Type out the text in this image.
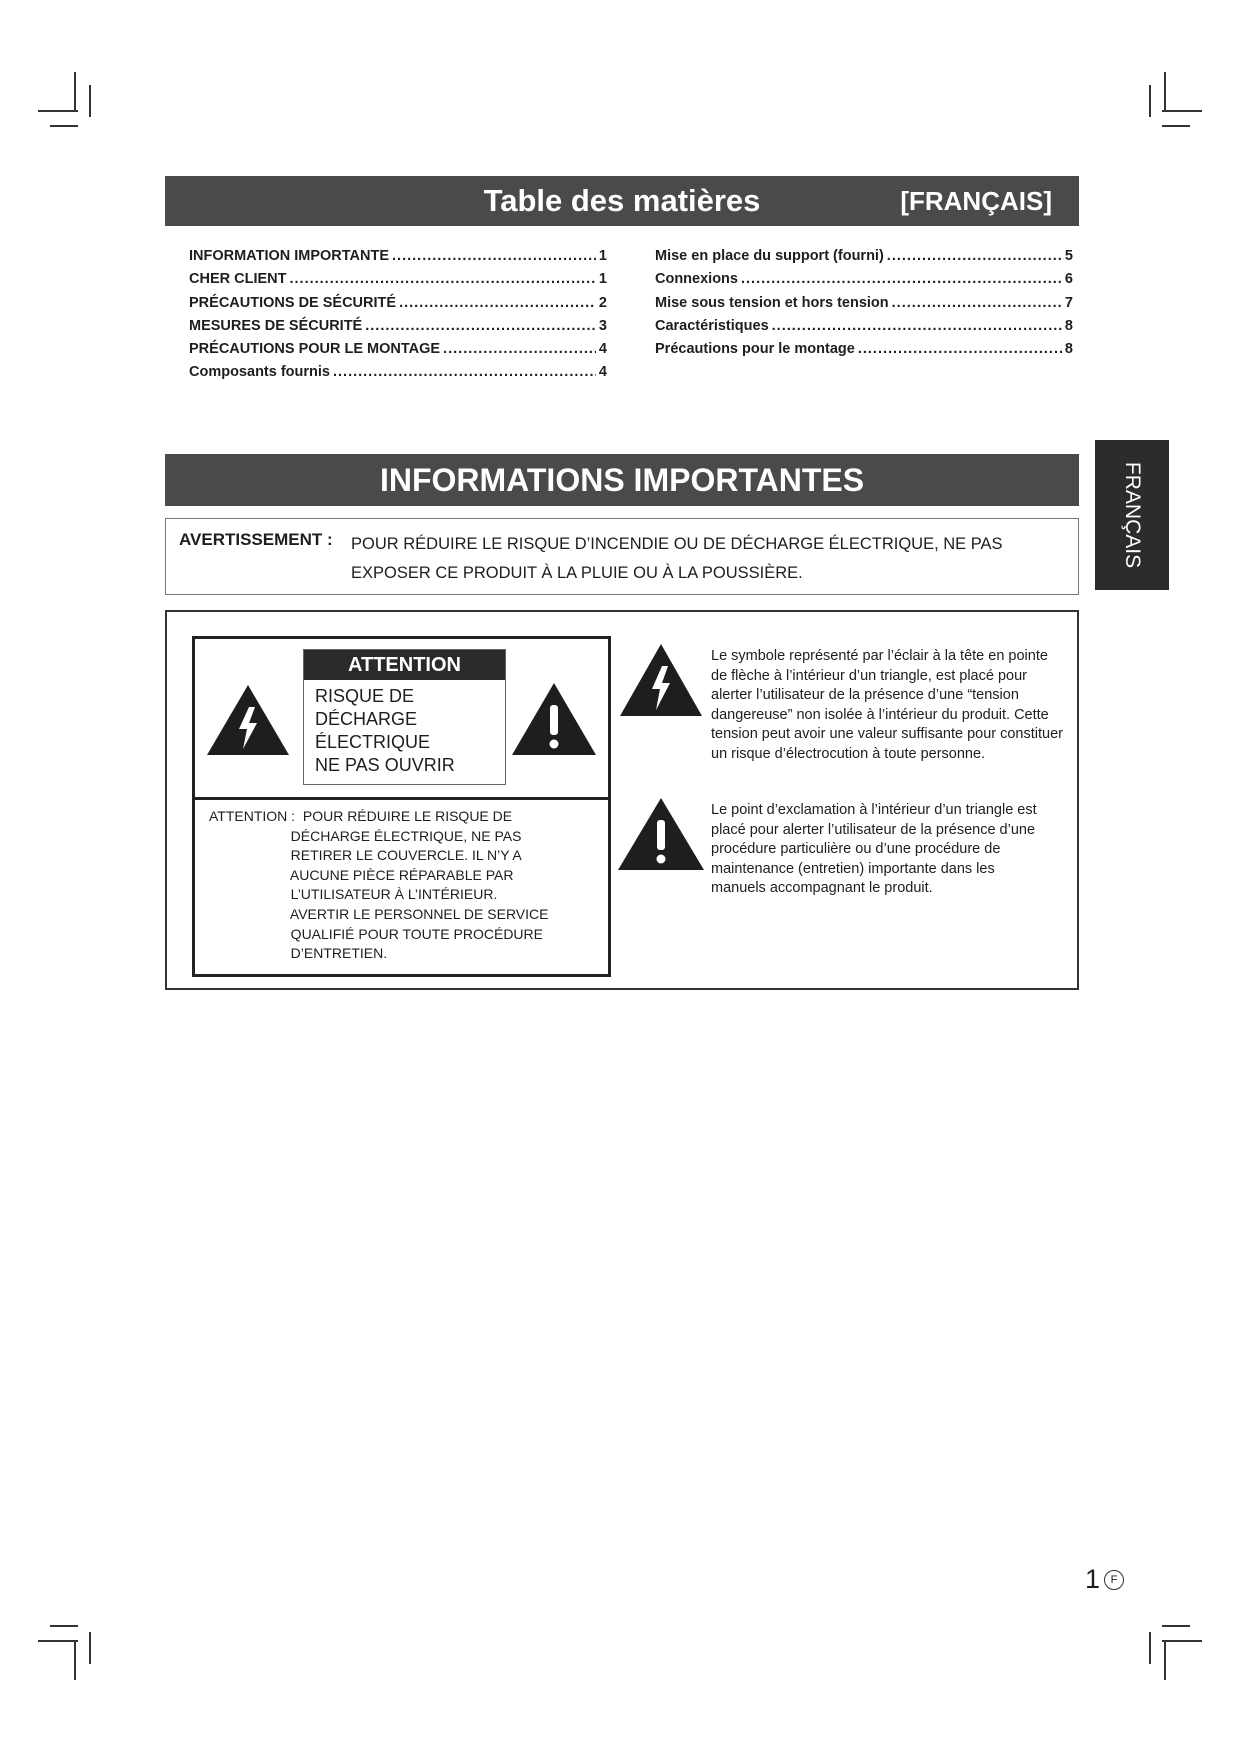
Table des matières	[FRANÇAIS]
INFORMATION IMPORTANTE .....	1
CHER CLIENT .....	1
PRÉCAUTIONS DE SÉCURITÉ .....	2
MESURES DE SÉCURITÉ .....	3
PRÉCAUTIONS POUR LE MONTAGE .....	4
Composants fournis .....	4
Mise en place du support (fourni) .....	5
Connexions .....	6
Mise sous tension et hors tension .....	7
Caractéristiques .....	8
Précautions pour le montage .....	8
INFORMATIONS IMPORTANTES
AVERTISSEMENT : POUR RÉDUIRE LE RISQUE D’INCENDIE OU DE DÉCHARGE ÉLECTRIQUE, NE PAS EXPOSER CE PRODUIT À LA PLUIE OU À LA POUSSIÈRE.
ATTENTION
RISQUE DE DÉCHARGE
ÉLECTRIQUE
NE PAS OUVRIR
ATTENTION :  POUR RÉDUIRE LE RISQUE DE
DÉCHARGE ÉLECTRIQUE, NE PAS
RETIRER LE COUVERCLE. IL N’Y A
AUCUNE PIÈCE RÉPARABLE PAR
L’UTILISATEUR À L’INTÉRIEUR.
AVERTIR LE PERSONNEL DE SERVICE
QUALIFIÉ POUR TOUTE PROCÉDURE
D’ENTRETIEN.
Le symbole représenté par l’éclair à la tête en pointe de flèche à l’intérieur d’un triangle, est placé pour alerter l’utilisateur de la présence d’une “tension dangereuse” non isolée à l’intérieur du produit. Cette tension peut avoir une valeur suffisante pour constituer un risque d’électrocution à toute personne.
Le point d’exclamation à l’intérieur d’un triangle est placé pour alerter l’utilisateur de la présence d’une procédure particulière ou d’une procédure de maintenance (entretien) importante dans les manuels accompagnant le produit.
FRANÇAIS
1 F
